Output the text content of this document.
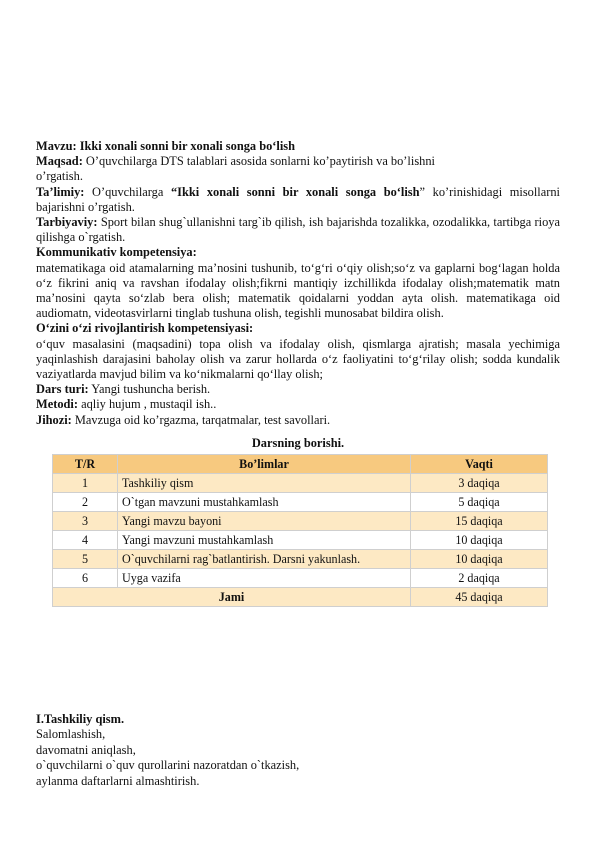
Mavzu: Ikki xonali sonni bir xonali songa bo‘lish

Maqsad: O’quvchilarga DTS talablari asosida sonlarni ko’paytirish va bo’lishni

o’rgatish.

Ta’limiy: O’quvchilarga “Ikki xonali sonni bir xonali songa bo‘lish” ko’rinishidagi misollarni bajarishni o’rgatish.

Tarbiyaviy: Sport bilan shug`ullanishni targ`ib qilish, ish bajarishda tozalikka, ozodalikka, tartibga rioya qilishga o`rgatish.

Kommunikativ kompetensiya:

matematikaga oid atamalarning ma’nosini tushunib, to‘g‘ri o‘qiy olish;so‘z va gaplarni bog‘lagan holda o‘z fikrini aniq va ravshan ifodalay olish;fikrni mantiqiy izchillikda ifodalay olish;matematik matn ma’nosini qayta so‘zlab bera olish; matematik qoidalarni yoddan ayta olish. matematikaga oid audiomatn, videotasvirlarni tinglab tushuna olish, tegishli munosabat bildira olish.

O‘zini o‘zi rivojlantirish kompetensiyasi:

o‘quv masalasini (maqsadini) topa olish va ifodalay olish, qismlarga ajratish; masala yechimiga yaqinlashish darajasini baholay olish va zarur hollarda o‘z faoliyatini to‘g‘rilay olish; sodda kundalik vaziyatlarda mavjud bilim va ko‘nikmalarni qo‘llay olish;

Dars turi: Yangi tushuncha berish.

Metodi: aqliy hujum , mustaqil ish..

Jihozi: Mavzuga oid ko’rgazma, tarqatmalar, test savollari.

Darsning borishi.
T/R	Bo’limlar	Vaqti
1	Tashkiliy qism	3 daqiqa
2	O`tgan mavzuni mustahkamlash	5 daqiqa
3	Yangi mavzu bayoni	15 daqiqa
4	Yangi mavzuni mustahkamlash	10 daqiqa
5	O`quvchilarni rag`batlantirish. Darsni yakunlash.	10 daqiqa
6	Uyga vazifa	2 daqiqa
Jami		45 daqiqa
I.Tashkiliy qism.
Salomlashish,
davomatni aniqlash,
o`quvchilarni o`quv qurollarini nazoratdan o`tkazish,
aylanma daftarlarni almashtirish.
